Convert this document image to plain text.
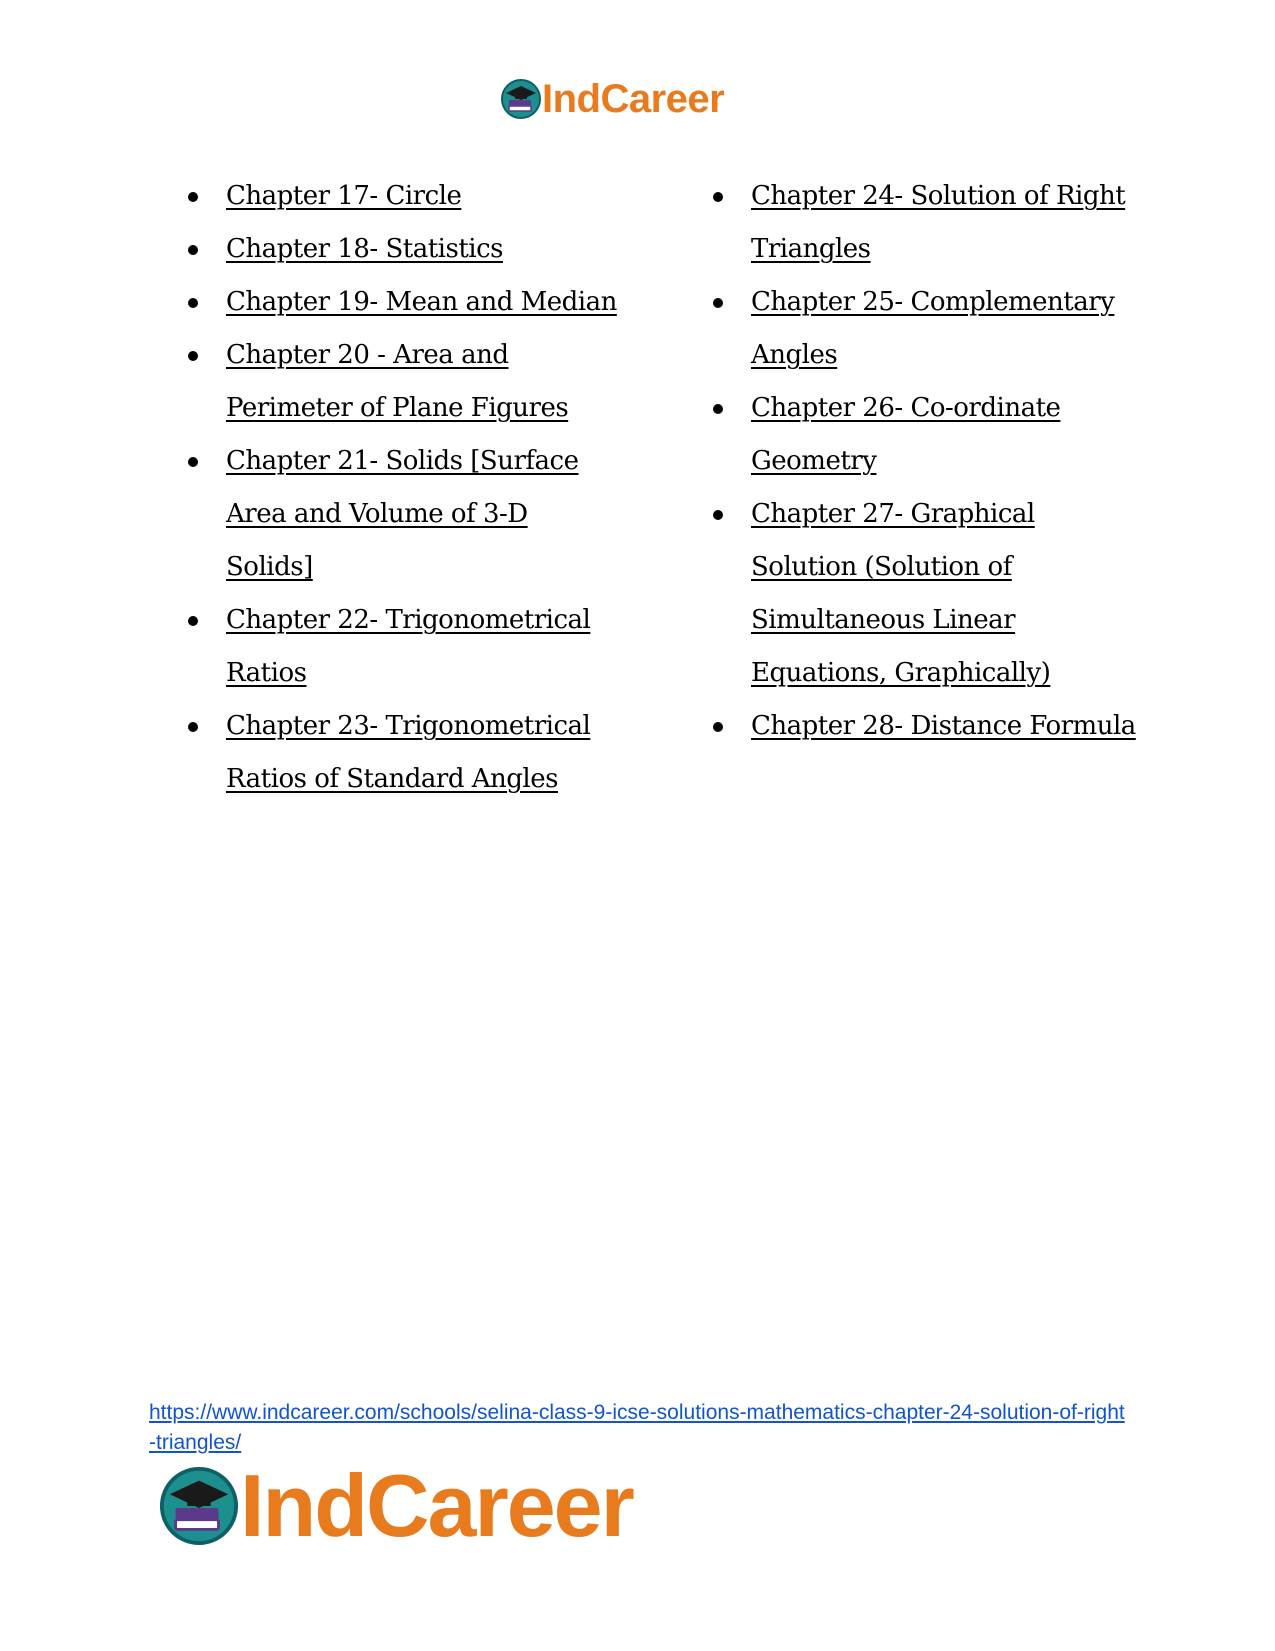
IndCareer
Chapter 17- Circle
Chapter 18- Statistics
Chapter 19- Mean and Median
Chapter 20 - Area and Perimeter of Plane Figures
Chapter 21- Solids [Surface Area and Volume of 3-D Solids]
Chapter 22- Trigonometrical Ratios
Chapter 23- Trigonometrical Ratios of Standard Angles
Chapter 24- Solution of Right Triangles
Chapter 25- Complementary Angles
Chapter 26- Co-ordinate Geometry
Chapter 27- Graphical Solution (Solution of Simultaneous Linear Equations, Graphically)
Chapter 28- Distance Formula
https://www.indcareer.com/schools/selina-class-9-icse-solutions-mathematics-chapter-24-solution-of-right-triangles/
IndCareer
